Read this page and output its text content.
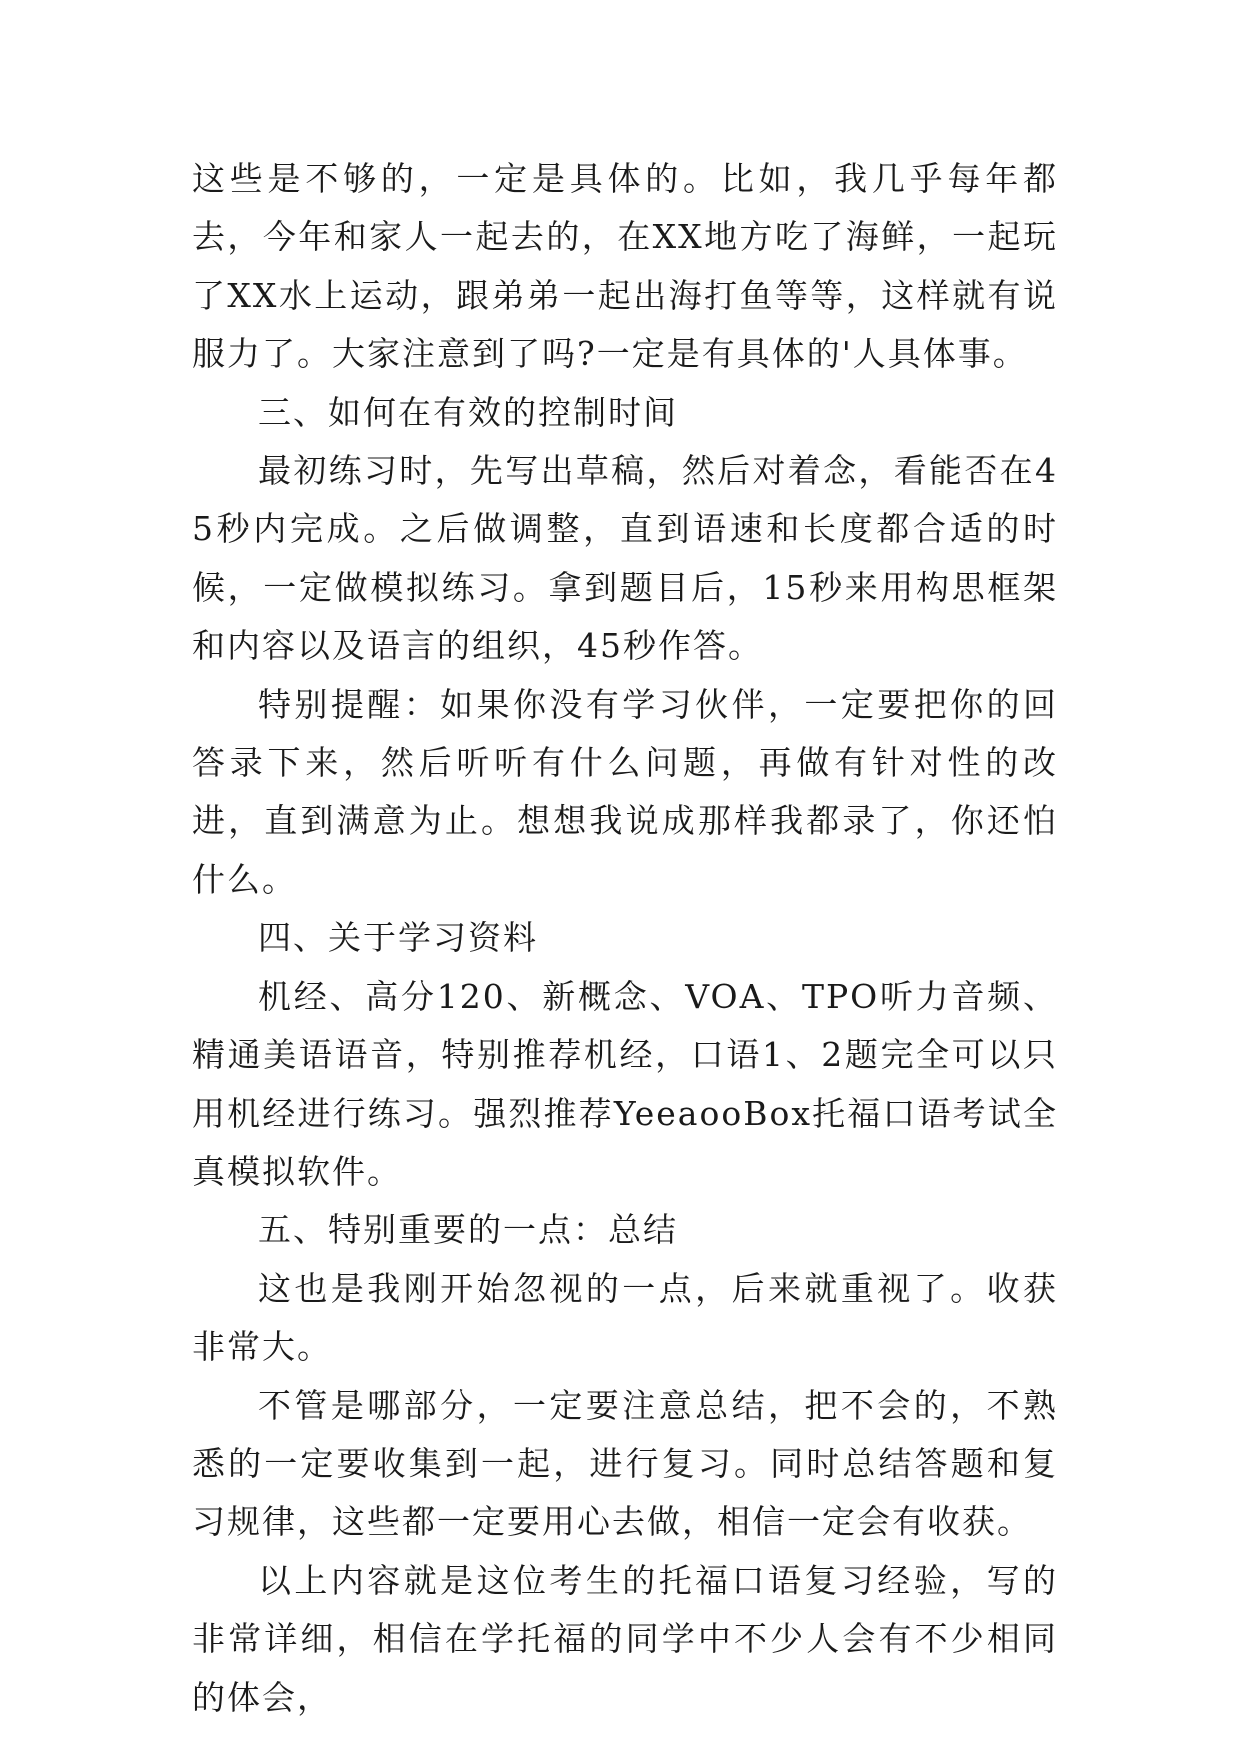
这些是不够的，一定是具体的。比如，我几乎每年都去，今年和家人一起去的，在XX地方吃了海鲜，一起玩了XX水上运动，跟弟弟一起出海打鱼等等，这样就有说服力了。大家注意到了吗?一定是有具体的'人具体事。

三、如何在有效的控制时间

最初练习时，先写出草稿，然后对着念，看能否在45秒内完成。之后做调整，直到语速和长度都合适的时候，一定做模拟练习。拿到题目后，15秒来用构思框架和内容以及语言的组织，45秒作答。

特别提醒：如果你没有学习伙伴，一定要把你的回答录下来，然后听听有什么问题，再做有针对性的改进，直到满意为止。想想我说成那样我都录了，你还怕什么。

四、关于学习资料

机经、高分120、新概念、VOA、TPO听力音频、精通美语语音，特别推荐机经，口语1、2题完全可以只用机经进行练习。强烈推荐YeeaooBox托福口语考试全真模拟软件。

五、特别重要的一点：总结

这也是我刚开始忽视的一点，后来就重视了。收获非常大。

不管是哪部分，一定要注意总结，把不会的，不熟悉的一定要收集到一起，进行复习。同时总结答题和复习规律，这些都一定要用心去做，相信一定会有收获。

以上内容就是这位考生的托福口语复习经验，写的非常详细，相信在学托福的同学中不少人会有不少相同的体会，
